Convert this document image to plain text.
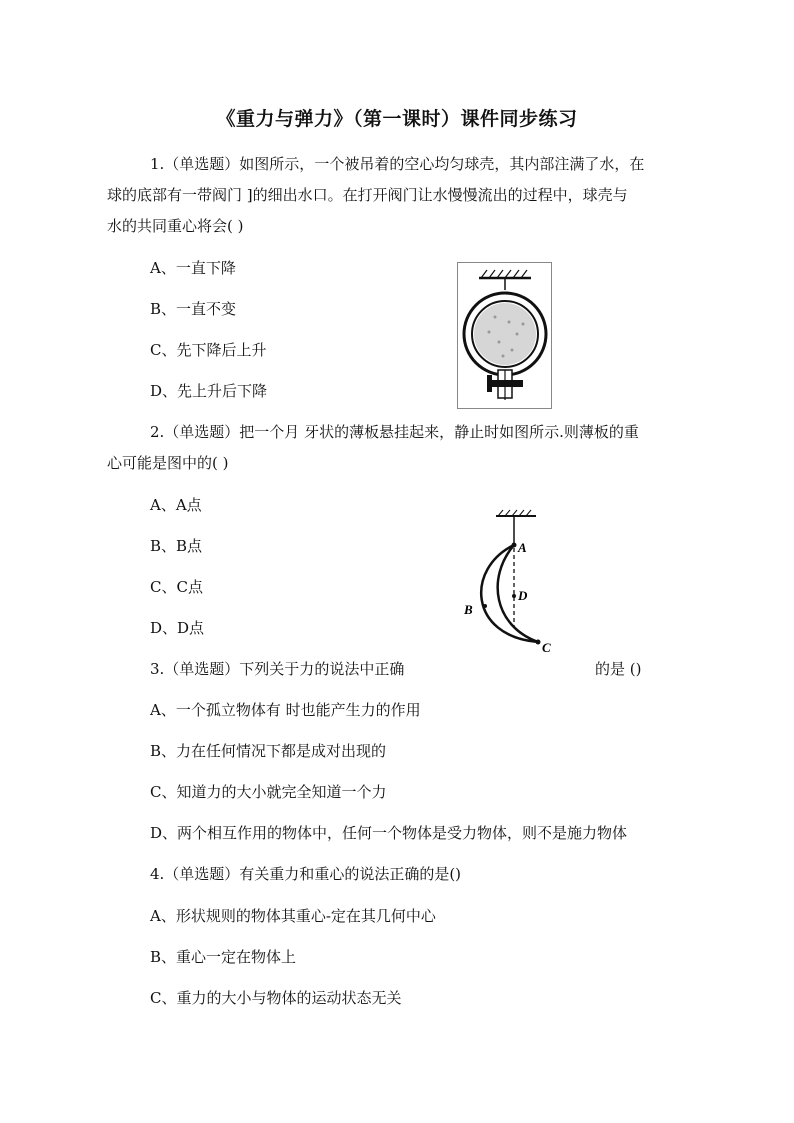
《重力与弹力》（第一课时）课件同步练习
1.（单选题）如图所示，一个被吊着的空心均匀球壳，其内部注满了水，在
球的底部有一带阀门 ]的细出水口。在打开阀门让水慢慢流出的过程中，球壳与
水的共同重心将会( )
A、一直下降
B、一直不变
C、先下降后上升
D、先上升后下降
2.（单选题）把一个月 牙状的薄板悬挂起来，静止时如图所示.则薄板的重
心可能是图中的( )
A、A点
B、B点
C、C点
D、D点
A
B
C
D
3.（单选题）下列关于力的说法中正确	的是 ()
A、一个孤立物体有 时也能产生力的作用
B、力在任何情况下都是成对出现的
C、知道力的大小就完全知道一个力
D、两个相互作用的物体中，任何一个物体是受力物体，则不是施力物体
4.（单选题）有关重力和重心的说法正确的是()
A、形状规则的物体其重心-定在其几何中心
B、重心一定在物体上
C、重力的大小与物体的运动状态无关
